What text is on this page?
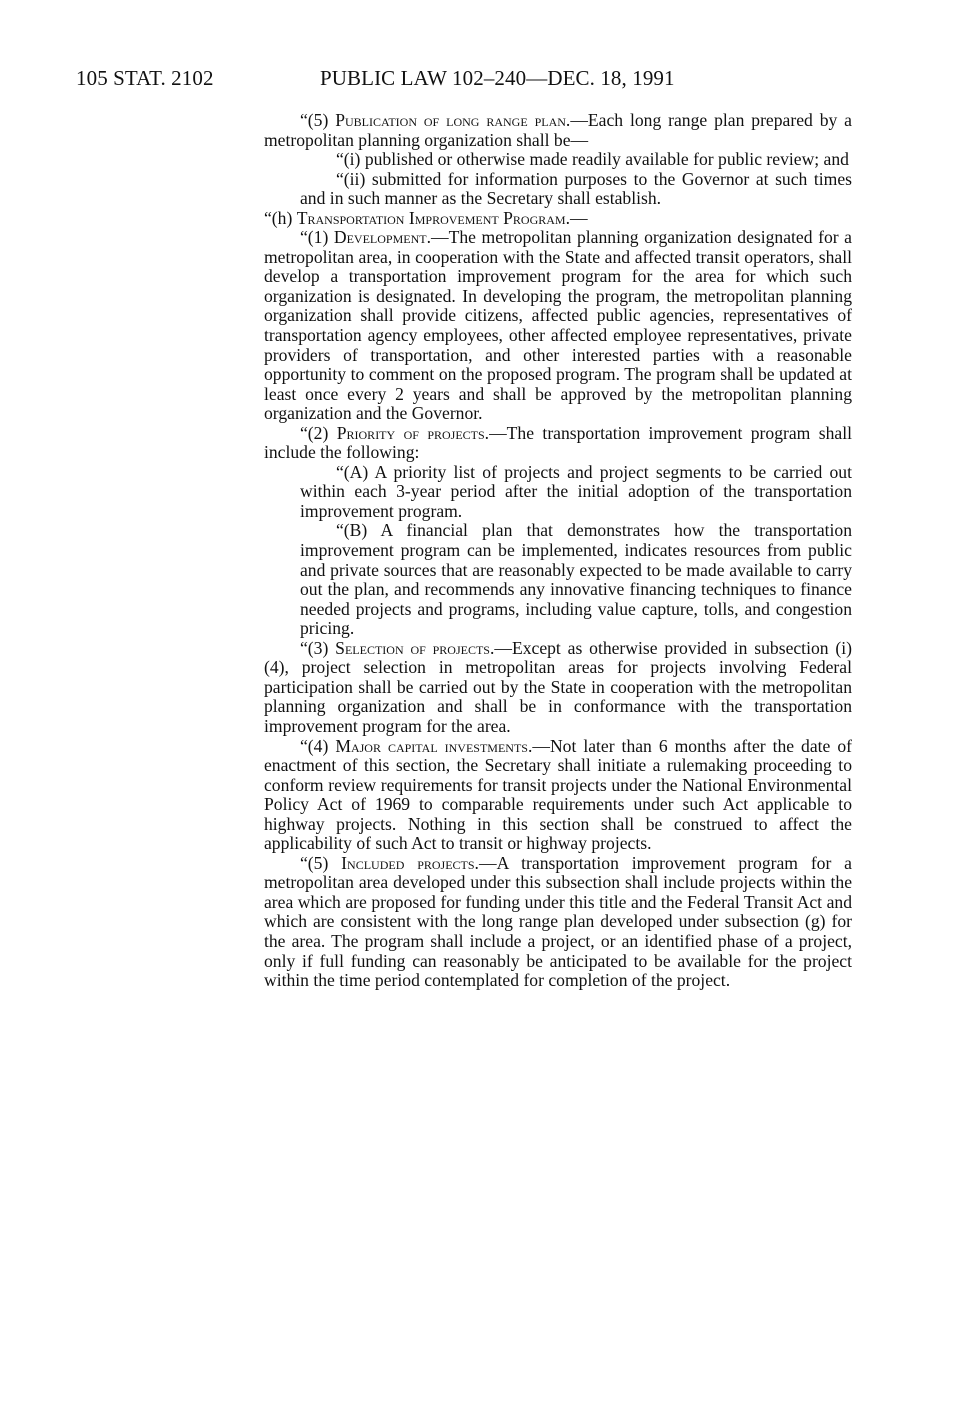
105 STAT. 2102	PUBLIC LAW 102–240—DEC. 18, 1991

“(5) Publication of long range plan.—Each long range plan prepared by a metropolitan planning organization shall be—

“(i) published or otherwise made readily available for public review; and

“(ii) submitted for information purposes to the Governor at such times and in such manner as the Secretary shall establish.

“(h) Transportation Improvement Program.—

“(1) Development.—The metropolitan planning organization designated for a metropolitan area, in cooperation with the State and affected transit operators, shall develop a transportation improvement program for the area for which such organization is designated. In developing the program, the metropolitan planning organization shall provide citizens, affected public agencies, representatives of transportation agency employees, other affected employee representatives, private providers of transportation, and other interested parties with a reasonable opportunity to comment on the proposed program. The program shall be updated at least once every 2 years and shall be approved by the metropolitan planning organization and the Governor.

“(2) Priority of projects.—The transportation improvement program shall include the following:

“(A) A priority list of projects and project segments to be carried out within each 3-year period after the initial adoption of the transportation improvement program.

“(B) A financial plan that demonstrates how the transportation improvement program can be implemented, indicates resources from public and private sources that are reasonably expected to be made available to carry out the plan, and recommends any innovative financing techniques to finance needed projects and programs, including value capture, tolls, and congestion pricing.

“(3) Selection of projects.—Except as otherwise provided in subsection (i)(4), project selection in metropolitan areas for projects involving Federal participation shall be carried out by the State in cooperation with the metropolitan planning organization and shall be in conformance with the transportation improvement program for the area.

“(4) Major capital investments.—Not later than 6 months after the date of enactment of this section, the Secretary shall initiate a rulemaking proceeding to conform review requirements for transit projects under the National Environmental Policy Act of 1969 to comparable requirements under such Act applicable to highway projects. Nothing in this section shall be construed to affect the applicability of such Act to transit or highway projects.

“(5) Included projects.—A transportation improvement program for a metropolitan area developed under this subsection shall include projects within the area which are proposed for funding under this title and the Federal Transit Act and which are consistent with the long range plan developed under subsection (g) for the area. The program shall include a project, or an identified phase of a project, only if full funding can reasonably be anticipated to be available for the project within the time period contemplated for completion of the project.
